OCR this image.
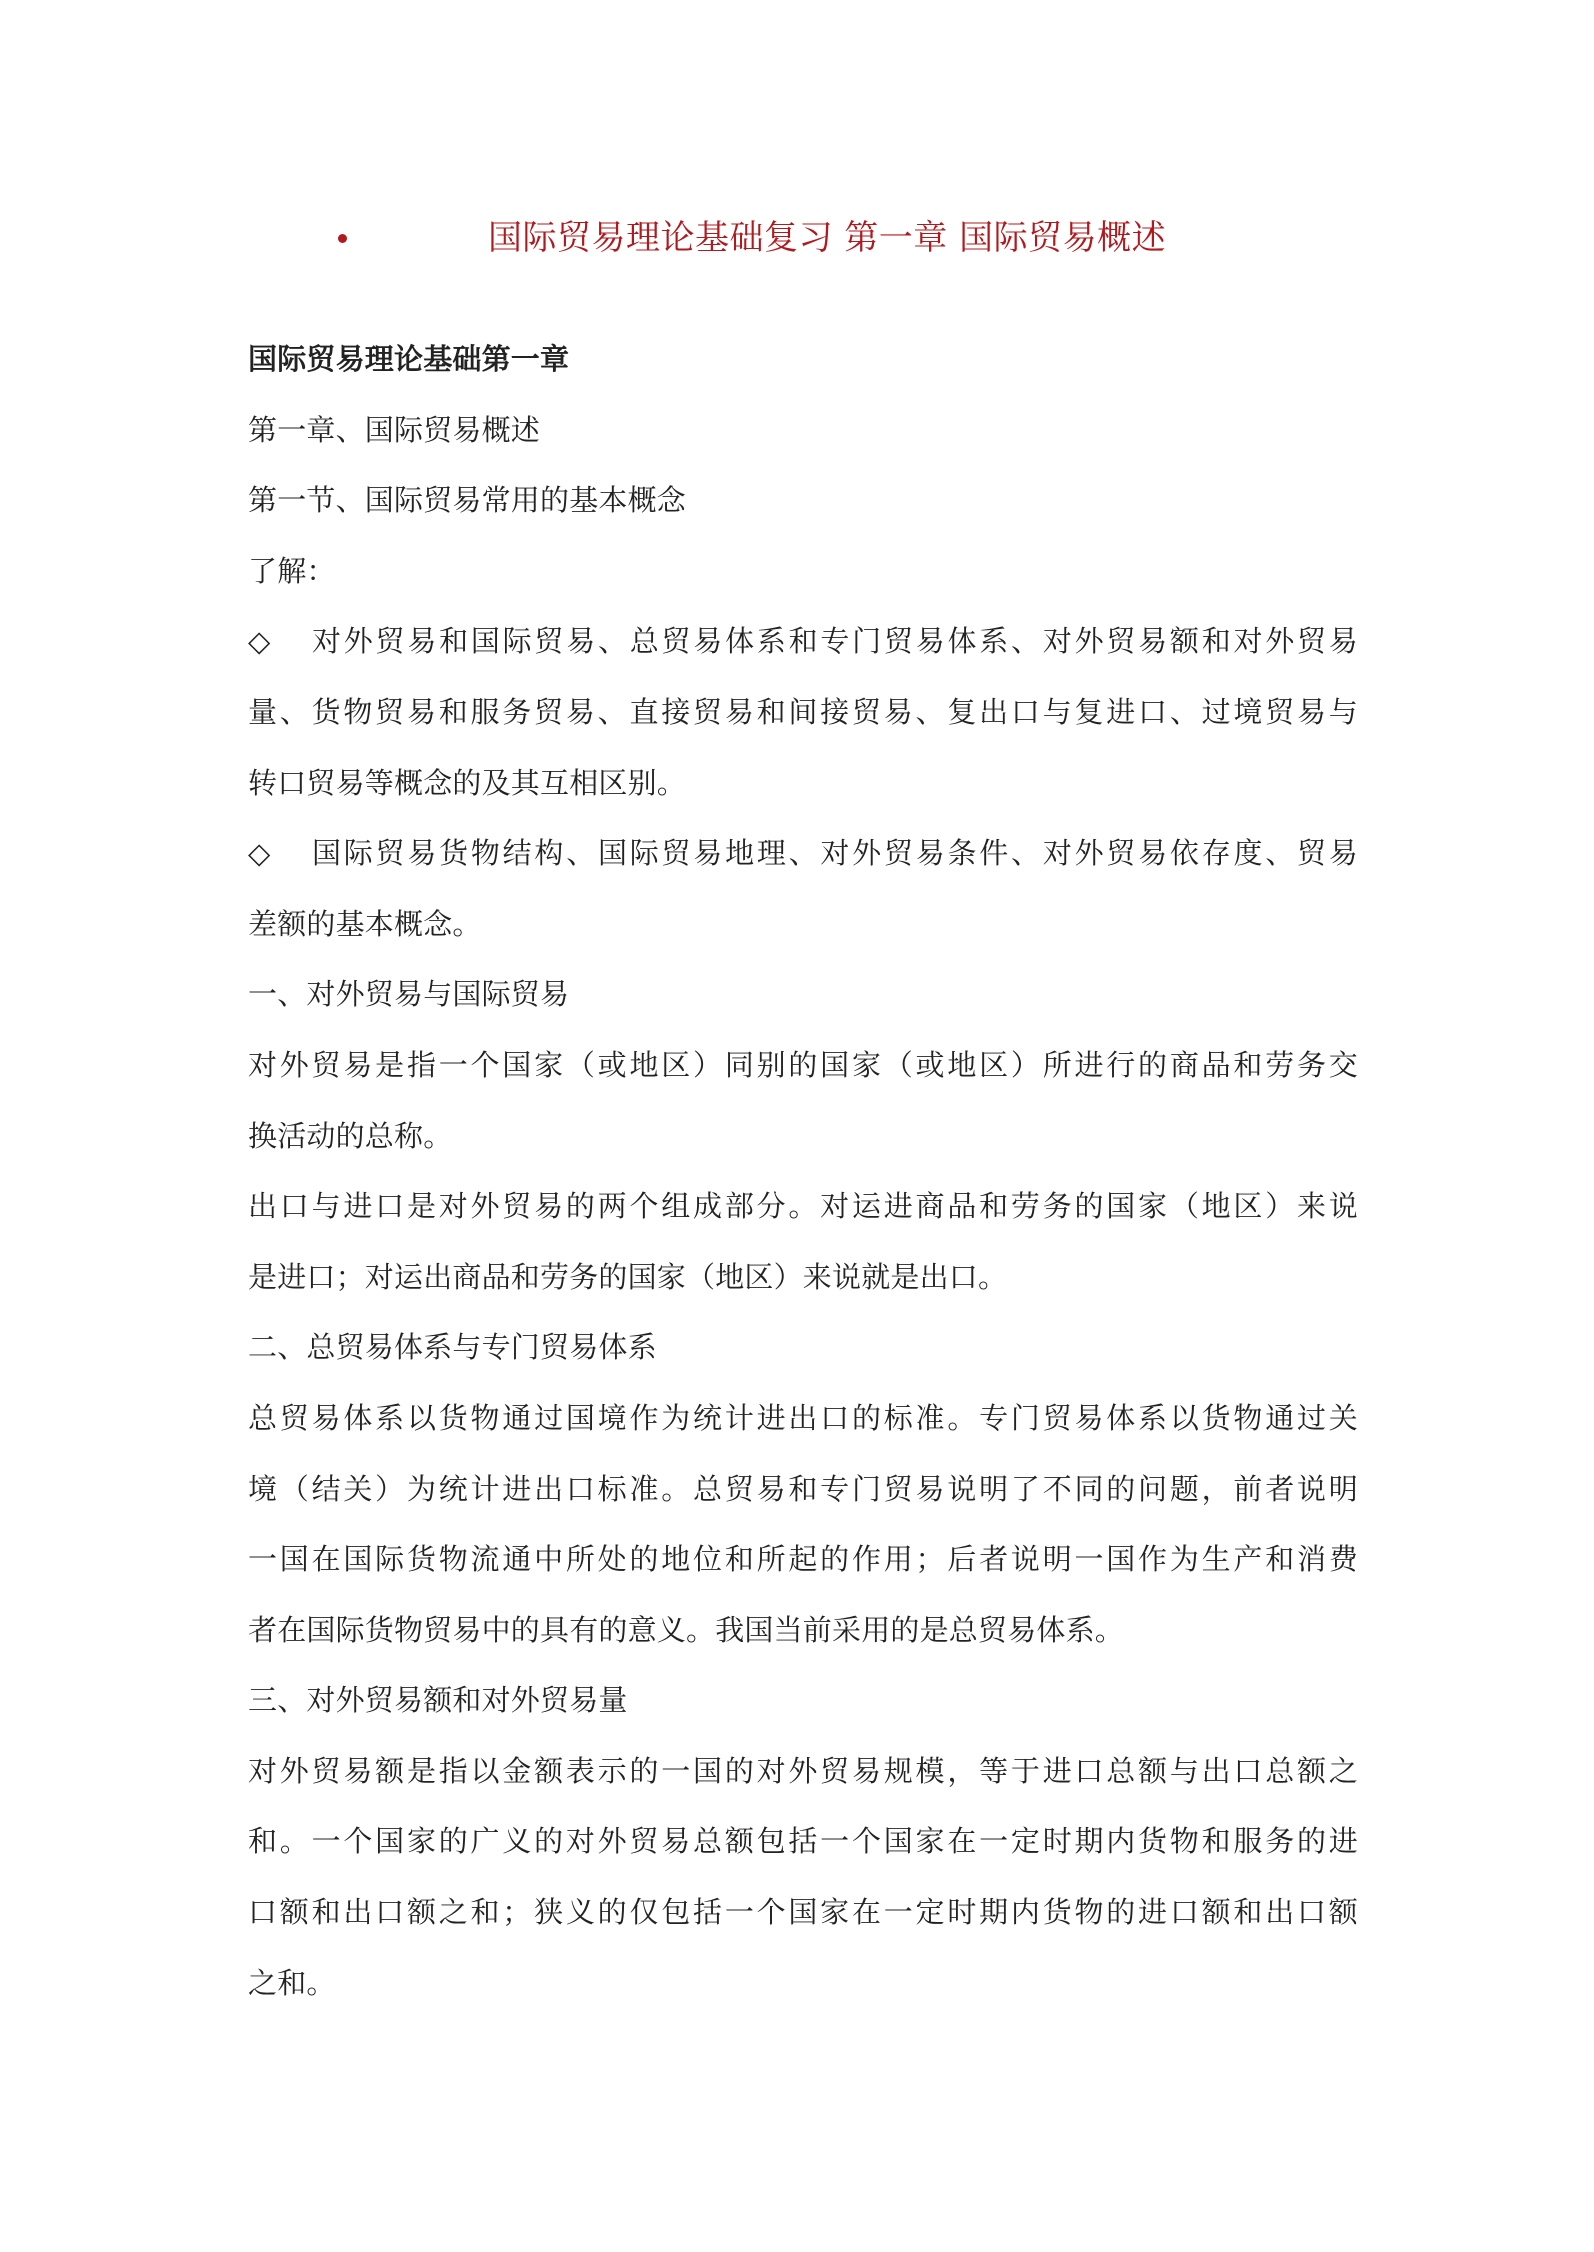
国际贸易理论基础复习 第一章 国际贸易概述
国际贸易理论基础第一章
第一章、国际贸易概述
第一节、国际贸易常用的基本概念
了解：
◇	对外贸易和国际贸易、总贸易体系和专门贸易体系、对外贸易额和对外贸易
量、货物贸易和服务贸易、直接贸易和间接贸易、复出口与复进口、过境贸易与
转口贸易等概念的及其互相区别。
◇	国际贸易货物结构、国际贸易地理、对外贸易条件、对外贸易依存度、贸易
差额的基本概念。
一、对外贸易与国际贸易
对外贸易是指一个国家（或地区）同别的国家（或地区）所进行的商品和劳务交
换活动的总称。
出口与进口是对外贸易的两个组成部分。对运进商品和劳务的国家（地区）来说
是进口；对运出商品和劳务的国家（地区）来说就是出口。
二、总贸易体系与专门贸易体系
总贸易体系以货物通过国境作为统计进出口的标准。专门贸易体系以货物通过关
境（结关）为统计进出口标准。总贸易和专门贸易说明了不同的问题，前者说明
一国在国际货物流通中所处的地位和所起的作用；后者说明一国作为生产和消费
者在国际货物贸易中的具有的意义。我国当前采用的是总贸易体系。
三、对外贸易额和对外贸易量
对外贸易额是指以金额表示的一国的对外贸易规模，等于进口总额与出口总额之
和。一个国家的广义的对外贸易总额包括一个国家在一定时期内货物和服务的进
口额和出口额之和；狭义的仅包括一个国家在一定时期内货物的进口额和出口额
之和。
